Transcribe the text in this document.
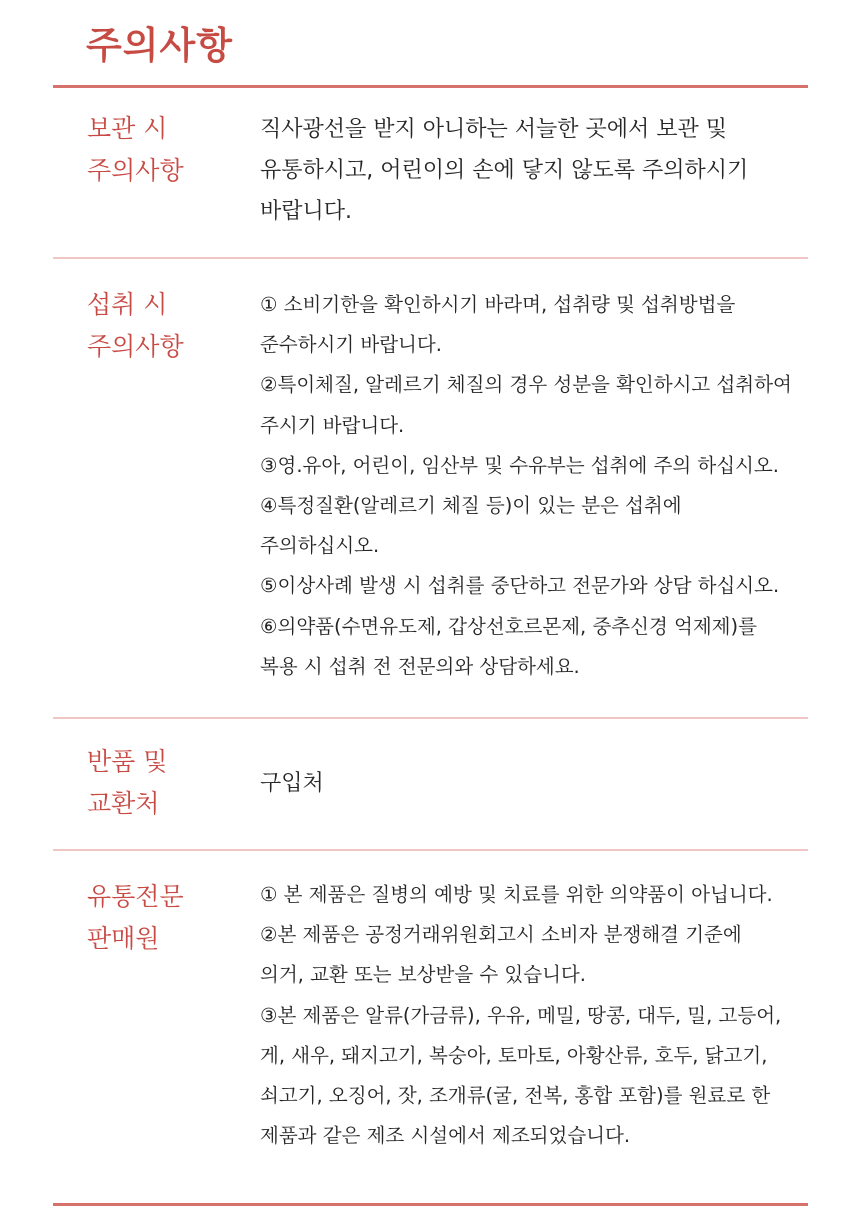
주의사항
보관 시
주의사항
직사광선을 받지 아니하는 서늘한 곳에서 보관 및
유통하시고, 어린이의 손에 닿지 않도록 주의하시기
바랍니다.
섭취 시
주의사항
① 소비기한을 확인하시기 바라며, 섭취량 및 섭취방법을
준수하시기 바랍니다.
②특이체질, 알레르기 체질의 경우 성분을 확인하시고 섭취하여
주시기 바랍니다.
③영.유아, 어린이, 임산부 및 수유부는 섭취에 주의 하십시오.
④특정질환(알레르기 체질 등)이 있는 분은 섭취에
주의하십시오.
⑤이상사례 발생 시 섭취를 중단하고 전문가와 상담 하십시오.
⑥의약품(수면유도제, 갑상선호르몬제, 중추신경 억제제)를
복용 시 섭취 전 전문의와 상담하세요.
반품 및
교환처
구입처
유통전문
판매원
① 본 제품은 질병의 예방 및 치료를 위한 의약품이 아닙니다.
②본 제품은 공정거래위원회고시 소비자 분쟁해결 기준에
의거, 교환 또는 보상받을 수 있습니다.
③본 제품은 알류(가금류), 우유, 메밀, 땅콩, 대두, 밀, 고등어,
게, 새우, 돼지고기, 복숭아, 토마토, 아황산류, 호두, 닭고기,
쇠고기, 오징어, 잣, 조개류(굴, 전복, 홍합 포함)를 원료로 한
제품과 같은 제조 시설에서 제조되었습니다.
